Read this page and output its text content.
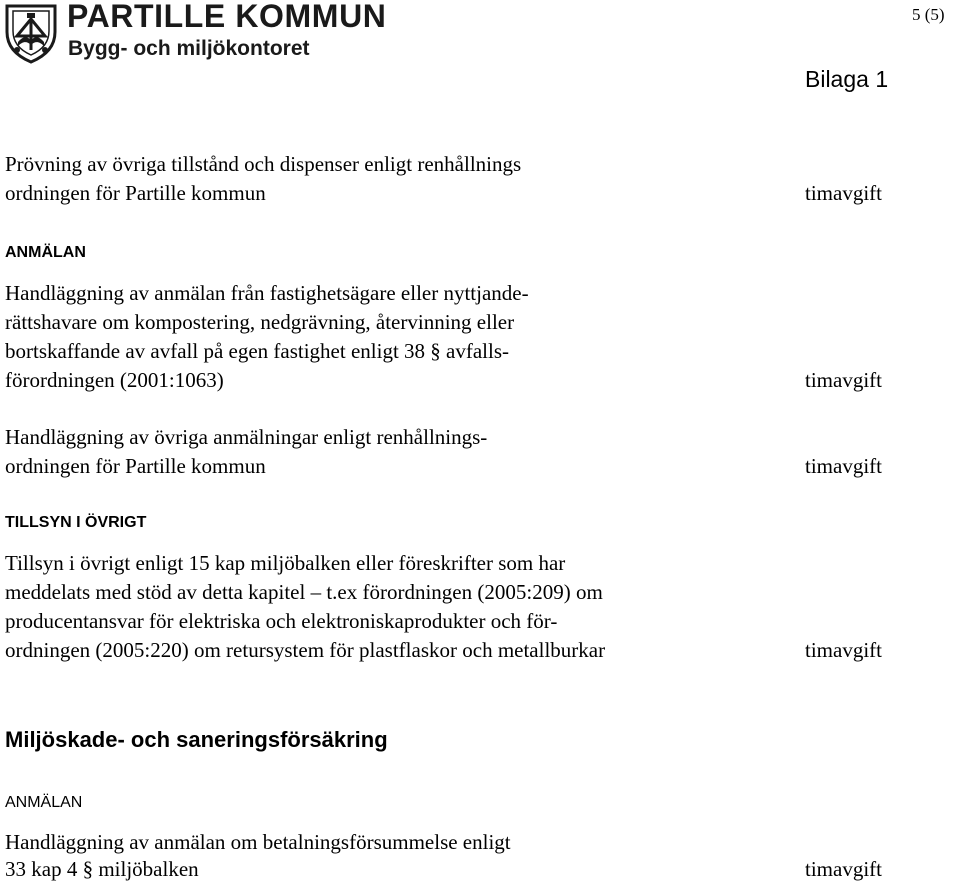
PARTILLE KOMMUN
Bygg- och miljökontoret
5 (5)
Bilaga 1
Prövning av övriga tillstånd och dispenser enligt renhållnings
ordningen för Partille kommun	timavgift
ANMÄLAN
Handläggning av anmälan från fastighetsägare eller nyttjande-
rättshavare om kompostering, nedgrävning, återvinning eller
bortskaffande av avfall på egen fastighet enligt 38 § avfalls-
förordningen (2001:1063)	timavgift
Handläggning av övriga anmälningar enligt renhållnings-
ordningen för Partille kommun	timavgift
TILLSYN I ÖVRIGT
Tillsyn i övrigt enligt 15 kap miljöbalken eller föreskrifter som har
meddelats med stöd av detta kapitel – t.ex förordningen (2005:209) om
producentansvar för elektriska och elektroniskaprodukter och för-
ordningen (2005:220) om retursystem för plastflaskor och metallburkar	timavgift
Miljöskade- och saneringsförsäkring
ANMÄLAN
Handläggning av anmälan om betalningsförsummelse enligt
33 kap 4 § miljöbalken	timavgift
